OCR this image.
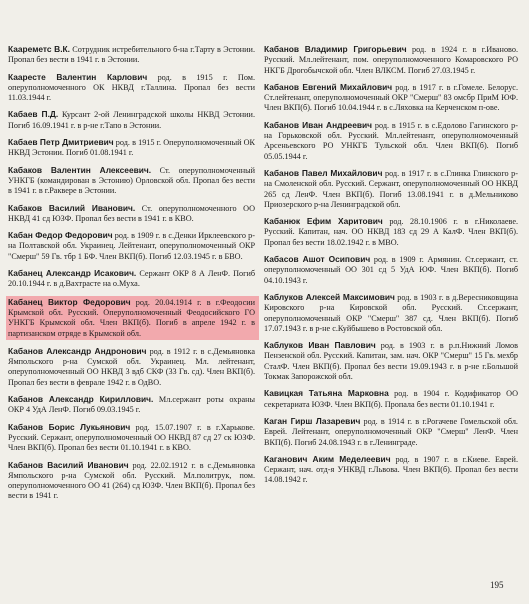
Каареметс В.К. Сотрудник истребительного б-на г.Тарту в Эстонии. Пропал без вести в 1941 г. в Эстонии.

Каарeсте Валентин Карлович род. в 1915 г. Пом. оперуполномоченного ОК НКВД г.Таллина. Пропал без вести 11.03.1944 г.

Кабаев П.Д. Курсант 2-ой Ленинградской школы НКВД Эстонии. Погиб 16.09.1941 г. в р-не г.Тапо в Эстонии.

Кабаев Петр Дмитриевич род. в 1915 г. Оперуполномоченный ОК НКВД Эстонии. Погиб 01.08.1941 г.

Кабаков Валентин Алексеевич. Ст. оперуполномоченный УНКГБ (командирован в Эстонию) Орловской обл. Пропал без вести в 1941 г. в г.Раквере в Эстонии.

Кабаков Василий Иванович. Ст. оперуполномоченного ОО НКВД 41 сд ЮЗФ. Пропал без вести в 1941 г. в КВО.

Кабан Федор Федорович род. в 1909 г. в с.Денки Ирклеевского р-на Полтавской обл. Украинец. Лейтенант, оперуполномоченный ОКР "Смерш" 59 Гв. тбр 1 БФ. Член ВКП(б). Погиб 12.03.1945 г. в БВО.

Кабанец Александр Исакович. Сержант ОКР 8 А ЛенФ. Погиб 20.10.1944 г. в д.Вахтрасте на о.Муха.

Кабанец Виктор Федорович род. 20.04.1914 г. в г.Феодосии Крымской обл. Русский. Оперуполномоченный Феодосийского ГО УНКГБ Крымской обл. Член ВКП(б). Погиб в апреле 1942 г. в партизанском отряде в Крымской обл.

Кабанов Александр Андронович род. в 1912 г. в с.Демьяновка Ямпольского р-на Сумской обл. Украинец. Мл. лейтенант, оперуполномоченный ОО НКВД 3 вдб СКФ (33 Гв. сд). Член ВКП(б). Пропал без вести в феврале 1942 г. в ОдВО.

Кабанов Александр Кириллович. Мл.сержант роты охраны ОКР 4 УдА ЛенФ. Погиб 09.03.1945 г.

Кабанов Борис Лукьянович род. 15.07.1907 г. в г.Харькове. Русский. Сержант, оперуполномоченный ОО НКВД 87 сд 27 ск ЮЗФ. Член ВКП(б). Пропал без вести 01.10.1941 г. в КВО.

Кабанов Василий Иванович род. 22.02.1912 г. в с.Демьяновка Ямпольского р-на Сумской обл. Русский. Мл.политрук, пом. оперуполномоченного ОО 41 (264) сд ЮЗФ. Член ВКП(б). Пропал без вести в 1941 г.

Кабанов Владимир Григорьевич род. в 1924 г. в г.Иваново. Русский. Мл.лейтенант, пом. оперуполномоченного Комаровского РО НКГБ Дрогобычской обл. Член ВЛКСМ. Погиб 27.03.1945 г.

Кабанов Евгений Михайлович род. в 1917 г. в г.Гомеле. Белорус. Ст.лейтенант, оперуполномоченный ОКР "Смерш" 83 омсбр ПриМ ЮФ. Член ВКП(б). Погиб 10.04.1944 г. в с.Ляховка на Керченском п-ове.

Кабанов Иван Андреевич род. в 1915 г. в с.Едолово Гагинского р-на Горьковской обл. Русский. Мл.лейтенант, оперуполномоченный Арсеньевского РО УНКГБ Тульской обл. Член ВКП(б). Погиб 05.05.1944 г.

Кабанов Павел Михайлович род. в 1917 г. в с.Глинка Глинского р-на Смоленской обл. Русский. Сержант, оперуполномоченный ОО НКВД 265 сд ЛенФ. Член ВКП(б). Погиб 13.08.1941 г. в д.Мельниково Приозерского р-на Ленинградской обл.

Кабанюк Ефим Харитович род. 28.10.1906 г. в г.Николаеве. Русский. Капитан, нач. ОО НКВД 183 сд 29 А КалФ. Член ВКП(б). Пропал без вести 18.02.1942 г. в МВО.

Кабасов Ашот Осипович род. в 1909 г. Армянин. Ст.сержант, ст. оперуполномоченный ОО 301 сд 5 УдА ЮФ. Член ВКП(б). Погиб 04.10.1943 г.

Каблуков Алексей Максимович род. в 1903 г. в д.Вересниковщина Кировского р-на Кировской обл. Русский. Ст.сержант, оперуполномоченный ОКР "Смерш" 387 сд. Член ВКП(б). Погиб 17.07.1943 г. в р-не с.Куйбышево в Ростовской обл.

Каблуков Иван Павлович род. в 1903 г. в р.п.Нижний Ломов Пензенской обл. Русский. Капитан, зам. нач. ОКР "Смерш" 15 Гв. мехбр СталФ. Член ВКП(б). Пропал без вести 19.09.1943 г. в р-не г.Большой Токмак Запорожской обл.

Кавицкая Татьяна Марковна род. в 1904 г. Кодификатор ОО секретариата ЮЗФ. Член ВКП(б). Пропала без вести 01.10.1941 г.

Каган Гирш Лазаревич род. в 1914 г. в г.Рогачеве Гомельской обл. Еврей. Лейтенант, оперуполномоченный ОКР "Смерш" ЛенФ. Член ВКП(б). Погиб 24.08.1943 г. в г.Ленинграде.

Каганович Аким Меделеевич род. в 1907 г. в г.Киеве. Еврей. Сержант, нач. отд-я УНКВД г.Львова. Член ВКП(б). Пропал без вести 14.08.1942 г.

195
